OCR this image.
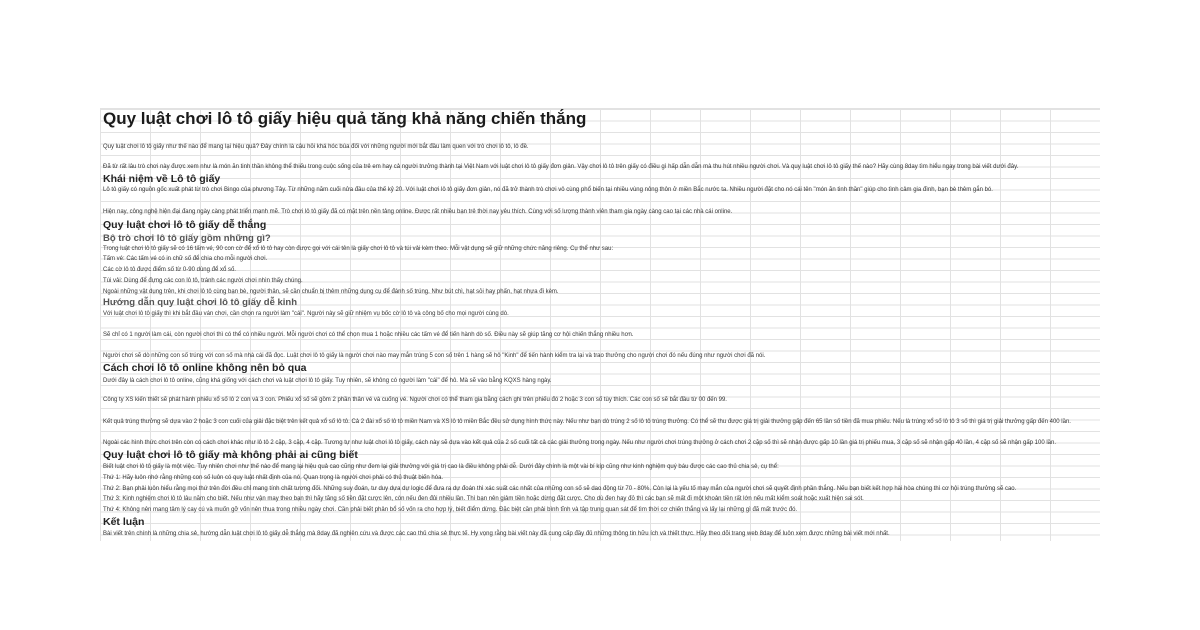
Quy luật chơi lô tô giấy hiệu quả tăng khả năng chiến thắng
Quy luật chơi lô tô giấy như thế nào để mang lại hiệu quả? Đây chính là câu hỏi khá hóc búa đối với những người mới bắt đầu làm quen với trò chơi lô tô, lô đề.
Đã từ rất lâu trò chơi này được xem như là món ăn tinh thần không thể thiếu trong cuộc sống của trẻ em hay cả người trưởng thành tại Việt Nam với luật chơi lô tô giấy đơn giản. Vậy chơi lô tô trên giấy có điều gì hấp dẫn dẫn mà thu hút nhiều người chơi. Và quy luật chơi lô tô giấy thế nào? Hãy cùng 8day tìm hiểu ngay trong bài viết dưới đây.
Khái niệm về Lô tô giấy
Lô tô giấy có nguồn gốc xuất phát từ trò chơi Bingo của phương Tây. Từ những năm cuối nửa đầu của thế kỷ 20. Với luật chơi lô tô giấy đơn giản, nó đã trở thành trò chơi vô cùng phổ biến tại nhiều vùng nông thôn ở miền Bắc nước ta. Nhiều người đặt cho nó cái tên "món ăn tinh thần" giúp cho tình cảm gia đình, bạn bè thêm gắn bó.
Hiện nay, công nghệ hiện đại đang ngày càng phát triển mạnh mẽ. Trò chơi lô tô giấy đã có mặt trên nền tảng online. Được rất nhiều bạn trẻ thời nay yêu thích. Cùng với số lượng thành viên tham gia ngày càng cao tại các nhà cái online.
Quy luật chơi lô tô giấy dễ thắng
Bộ trò chơi lô tô giấy gồm những gì?
Trong luật chơi lô tô giấy sẽ có 16 tấm vé, 90 con cờ để xổ lô tô hay còn được gọi với cái tên là giấy chơi lô tô và túi vải kèm theo. Mỗi vật dụng sẽ giữ những chức năng riêng. Cụ thể như sau:
Tấm vé: Các tấm vé có in chữ số để chia cho mỗi người chơi.
Các cờ lô tô được điểm số từ 0-90 dùng để xổ số.
Túi vải: Dùng để đựng các con lô tô, tránh các người chơi nhìn thấy chúng.
Ngoài những vật dụng trên, khi chơi lô tô cùng bạn bè, người thân, sẽ cần chuẩn bị thêm những dụng cụ để đánh số trúng. Như bút chì, hạt sỏi hay phấn, hạt nhựa đi kèm.
Hướng dẫn quy luật chơi lô tô giấy dễ kinh
Với luật chơi lô tô giấy thì khi bắt đầu ván chơi, cần chọn ra người làm "cái". Người này sẽ giữ nhiệm vụ bốc cờ lô tô và công bố cho mọi người cùng dò.
Sẽ chỉ có 1 người làm cái, còn người chơi thì có thể có nhiều người. Mỗi người chơi có thể chọn mua 1 hoặc nhiều các tấm vé để tiến hành dò số. Điều này sẽ giúp tăng cơ hội chiến thắng nhiều hơn.
Người chơi sẽ dò những con số trúng với con số mà nhà cái đã đọc. Luật chơi lô tô giấy là người chơi nào may mắn trúng 5 con số trên 1 hàng sẽ hô "Kinh" để tiến hành kiểm tra lại và trao thưởng cho người chơi đó nếu đúng như người chơi đã nói.
Cách chơi lô tô online không nên bỏ qua
Dưới đây là cách chơi lô tô online, cũng khá giống với cách chơi và luật chơi lô tô giấy. Tuy nhiên, sẽ không có người làm "cái" để hô. Mà sẽ vào bằng KQXS hàng ngày.
Công ty XS kiến thiết sẽ phát hành phiếu xổ số lô 2 con và 3 con. Phiếu xổ số sẽ gồm 2 phần thân vé và cuống vé. Người chơi có thể tham gia bằng cách ghi trên phiếu đó 2 hoặc 3 con số tùy thích. Các con số sẽ bắt đầu từ 00 đến 99.
Kết quả trúng thưởng sẽ dựa vào 2 hoặc 3 con cuối của giải đặc biệt trên kết quả xổ số lô tô. Cả 2 đài xổ số lô tô miền Nam và XS lô tô miền Bắc đều sử dụng hình thức này. Nếu như bạn dò trúng 2 số lô tô trúng thưởng. Có thể sẽ thu được giá trị giải thưởng gấp đến 65 lần số tiền đã mua phiếu. Nếu là trúng xổ số lô tô 3 số thì giá trị giải thưởng gấp đến 400 lần.
Ngoài các hình thức chơi trên còn có cách chơi khác như lô tô 2 cặp, 3 cặp, 4 cặp. Tương tự như luật chơi lô tô giấy, cách này sẽ dựa vào kết quả của 2 số cuối tất cả các giải thưởng trong ngày. Nếu như người chơi trúng thưởng ở cách chơi 2 cặp số thì sẽ nhận được gấp 10 lần giá trị phiếu mua, 3 cặp số sẽ nhận gấp 40 lần, 4 cặp số sẽ nhận gấp 100 lần.
Quy luật chơi lô tô giấy mà không phải ai cũng biết
Biết luật chơi lô tô giấy là một việc. Tuy nhiên chơi như thế nào để mang lại hiệu quả cao cũng như đem lại giải thưởng với giá trị cao là điều không phải dễ. Dưới đây chính là một vài bí kíp cũng như kinh nghiệm quý báu được các cao thủ chia sẻ, cụ thể:
Thứ 1: Hãy luôn nhớ rằng những con số luôn có quy luật nhất định của nó. Quan trọng là người chơi phải có thủ thuật biến hóa.
Thứ 2: Bạn phải luôn hiểu rằng mọi thứ trên đời đều chỉ mang tính chất tương đối. Những suy đoán, tư duy dựa dự logic để đưa ra dự đoán thì xác suất các nhất của những con số sẽ dao động từ 70 - 80%. Còn lại là yếu tố may mắn của người chơi sẽ quyết định phần thắng. Nếu bạn biết kết hợp hài hòa chúng thì cơ hội trúng thưởng sẽ cao.
Thứ 3: Kinh nghiệm chơi lô tô lâu năm cho biết. Nếu như vận may theo bạn thì hãy tăng số tiền đặt cược lên, còn nếu đen đủi nhiều lần. Thì bạn nên giảm tiền hoặc dừng đặt cược. Cho dù đen hay đỏ thì các bạn sẽ mất đi một khoản tiền rất lớn nếu mất kiểm soát hoặc xuất hiện sai sót.
Thứ 4: Không nên mang tâm lý cay cú và muốn gỡ vốn nên thua trong nhiều ngày chơi. Cần phải biết phân bổ số vốn ra cho hợp lý, biết điểm dừng. Đặc biệt cần phải bình tĩnh và tập trung quan sát để tìm thời cơ chiến thắng và lấy lại những gì đã mất trước đó.
Kết luận
Bài viết trên chính là những chia sẻ, hướng dẫn luật chơi lô tô giấy dễ thắng mà 8day đã nghiên cứu và được các cao thủ chia sẻ thực tế. Hy vọng rằng bài viết này đã cung cấp đầy đủ những thông tin hữu ích và thiết thực. Hãy theo dõi trang web 8day để luôn xem được những bài viết mới nhất.
